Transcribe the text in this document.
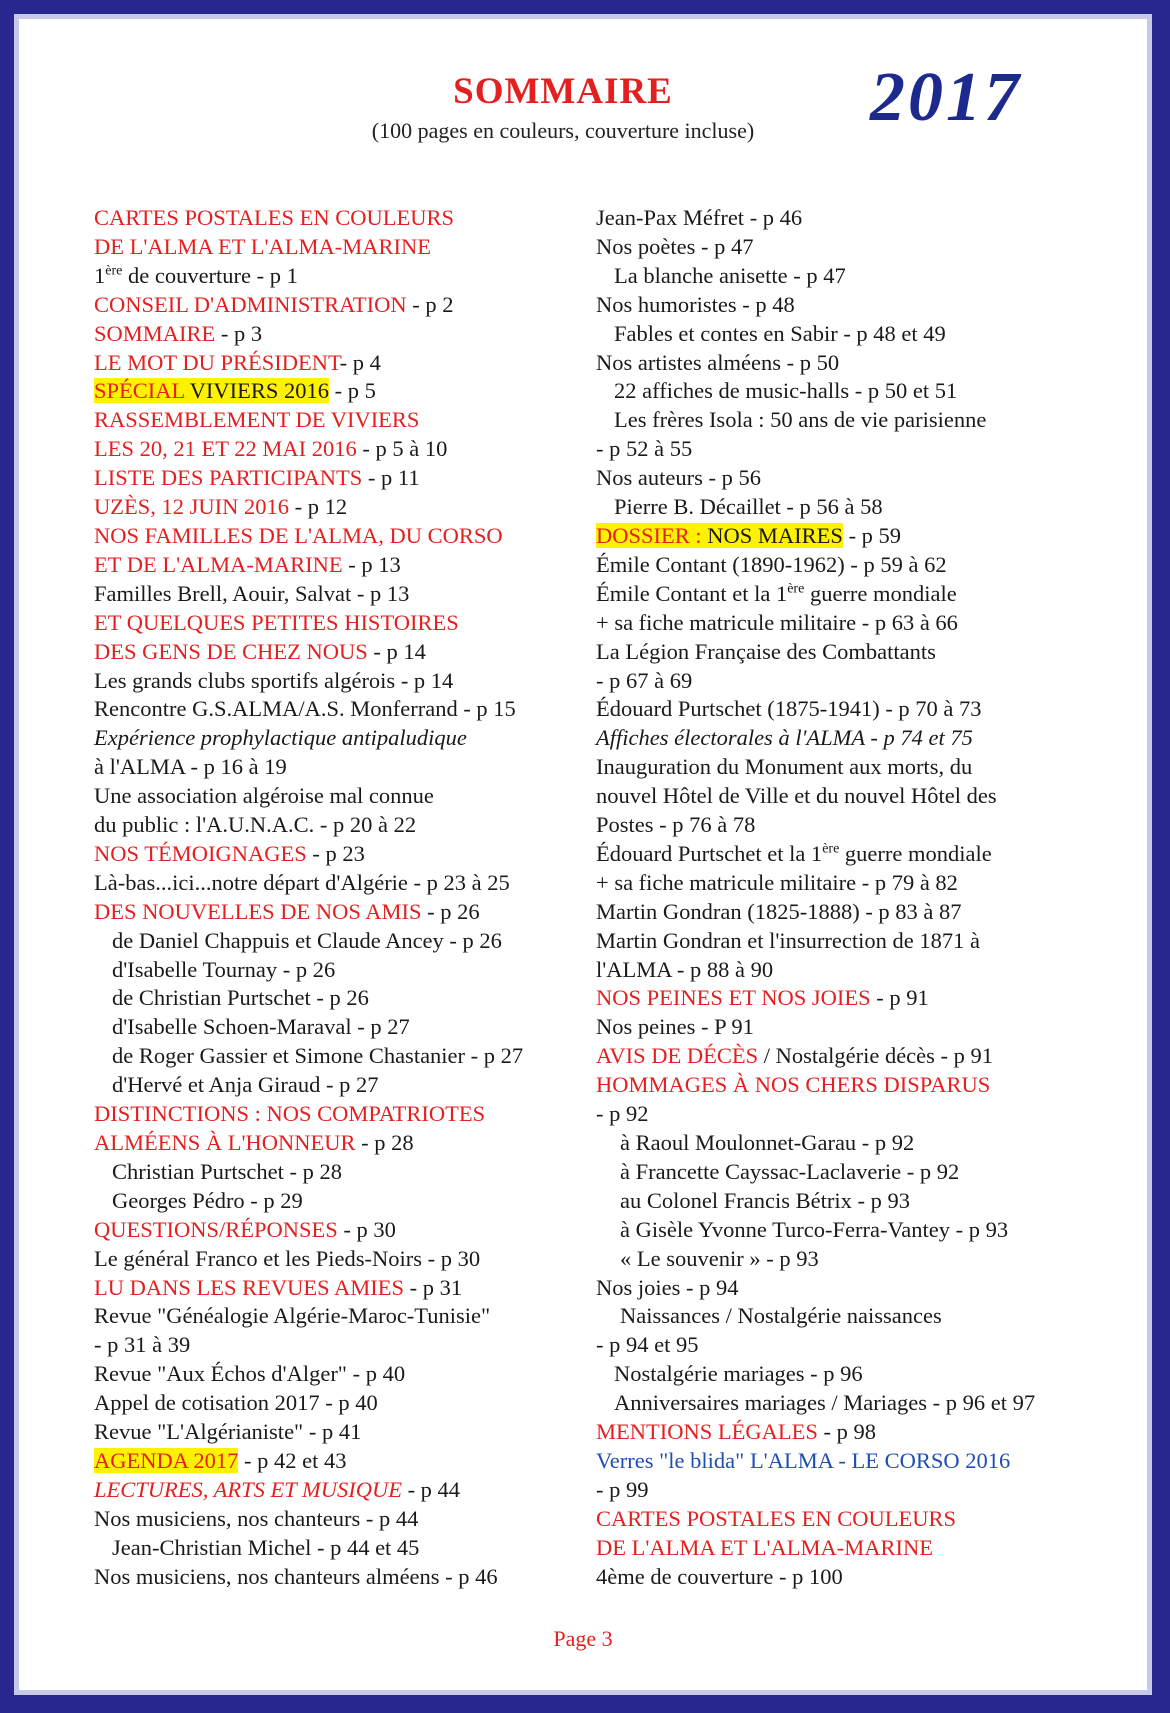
SOMMAIRE
(100 pages en couleurs, couverture incluse)	2017
CARTES POSTALES EN COULEURS
DE L'ALMA ET L'ALMA-MARINE
1ère de couverture - p 1
CONSEIL D'ADMINISTRATION - p 2
SOMMAIRE - p 3
LE MOT DU PRÉSIDENT- p 4
SPÉCIAL VIVIERS 2016 - p 5
RASSEMBLEMENT DE VIVIERS
LES 20, 21 ET 22 MAI 2016 - p 5 à 10
LISTE DES PARTICIPANTS - p 11
UZÈS, 12 JUIN 2016 - p 12
NOS FAMILLES DE L'ALMA, DU CORSO
ET DE L'ALMA-MARINE - p 13
Familles Brell, Aouir, Salvat - p 13
ET QUELQUES PETITES HISTOIRES
DES GENS DE CHEZ NOUS - p 14
Les grands clubs sportifs algérois - p 14
Rencontre G.S.ALMA/A.S. Monferrand - p 15
Expérience prophylactique antipaludique
à l'ALMA - p 16 à 19
Une association algéroise mal connue
du public : l'A.U.N.A.C. - p 20 à 22
NOS TÉMOIGNAGES - p 23
Là-bas...ici...notre départ d'Algérie - p 23 à 25
DES NOUVELLES DE NOS AMIS - p 26
de Daniel Chappuis et Claude Ancey - p 26
d'Isabelle Tournay - p 26
de Christian Purtschet - p 26
d'Isabelle Schoen-Maraval - p 27
de Roger Gassier et Simone Chastanier - p 27
d'Hervé et Anja Giraud - p 27
DISTINCTIONS : NOS COMPATRIOTES
ALMÉENS À L'HONNEUR - p 28
Christian Purtschet - p 28
Georges Pédro - p 29
QUESTIONS/RÉPONSES - p 30
Le général Franco et les Pieds-Noirs - p 30
LU DANS LES REVUES AMIES - p 31
Revue "Généalogie Algérie-Maroc-Tunisie"
- p 31 à 39
Revue "Aux Échos d'Alger" - p 40
Appel de cotisation 2017 - p 40
Revue "L'Algérianiste" - p 41
AGENDA 2017 - p 42 et 43
LECTURES, ARTS ET MUSIQUE - p 44
Nos musiciens, nos chanteurs - p 44
Jean-Christian Michel - p 44 et 45
Nos musiciens, nos chanteurs alméens - p 46
Jean-Pax Méfret - p 46
Nos poètes - p 47
La blanche anisette - p 47
Nos humoristes - p 48
Fables et contes en Sabir - p 48 et 49
Nos artistes alméens - p 50
22 affiches de music-halls - p 50 et 51
Les frères Isola : 50 ans de vie parisienne
- p 52 à 55
Nos auteurs - p 56
Pierre B. Décaillet - p 56 à 58
DOSSIER : NOS MAIRES - p 59
Émile Contant (1890-1962) - p 59 à 62
Émile Contant et la 1ère guerre mondiale
+ sa fiche matricule militaire - p 63 à 66
La Légion Française des Combattants
- p 67 à 69
Édouard Purtschet (1875-1941) - p 70 à 73
Affiches électorales à l'ALMA - p 74 et 75
Inauguration du Monument aux morts, du
nouvel Hôtel de Ville et du nouvel Hôtel des
Postes - p 76 à 78
Édouard Purtschet et la 1ère guerre mondiale
+ sa fiche matricule militaire - p 79 à 82
Martin Gondran (1825-1888) - p 83 à 87
Martin Gondran et l'insurrection de 1871 à
l'ALMA - p 88 à 90
NOS PEINES ET NOS JOIES - p 91
Nos peines - P 91
AVIS DE DÉCÈS / Nostalgérie décès - p 91
HOMMAGES À NOS CHERS DISPARUS
- p 92
à Raoul Moulonnet-Garau - p 92
à Francette Cayssac-Laclaverie - p 92
au Colonel Francis Bétrix - p 93
à Gisèle Yvonne Turco-Ferra-Vantey - p 93
« Le souvenir » - p 93
Nos joies - p 94
Naissances / Nostalgérie naissances
- p 94 et 95
Nostalgérie mariages - p 96
Anniversaires mariages / Mariages - p 96 et 97
MENTIONS LÉGALES - p 98
Verres "le blida" L'ALMA - LE CORSO 2016
- p 99
CARTES POSTALES EN COULEURS
DE L'ALMA ET L'ALMA-MARINE
4ème de couverture - p 100
Page 3
